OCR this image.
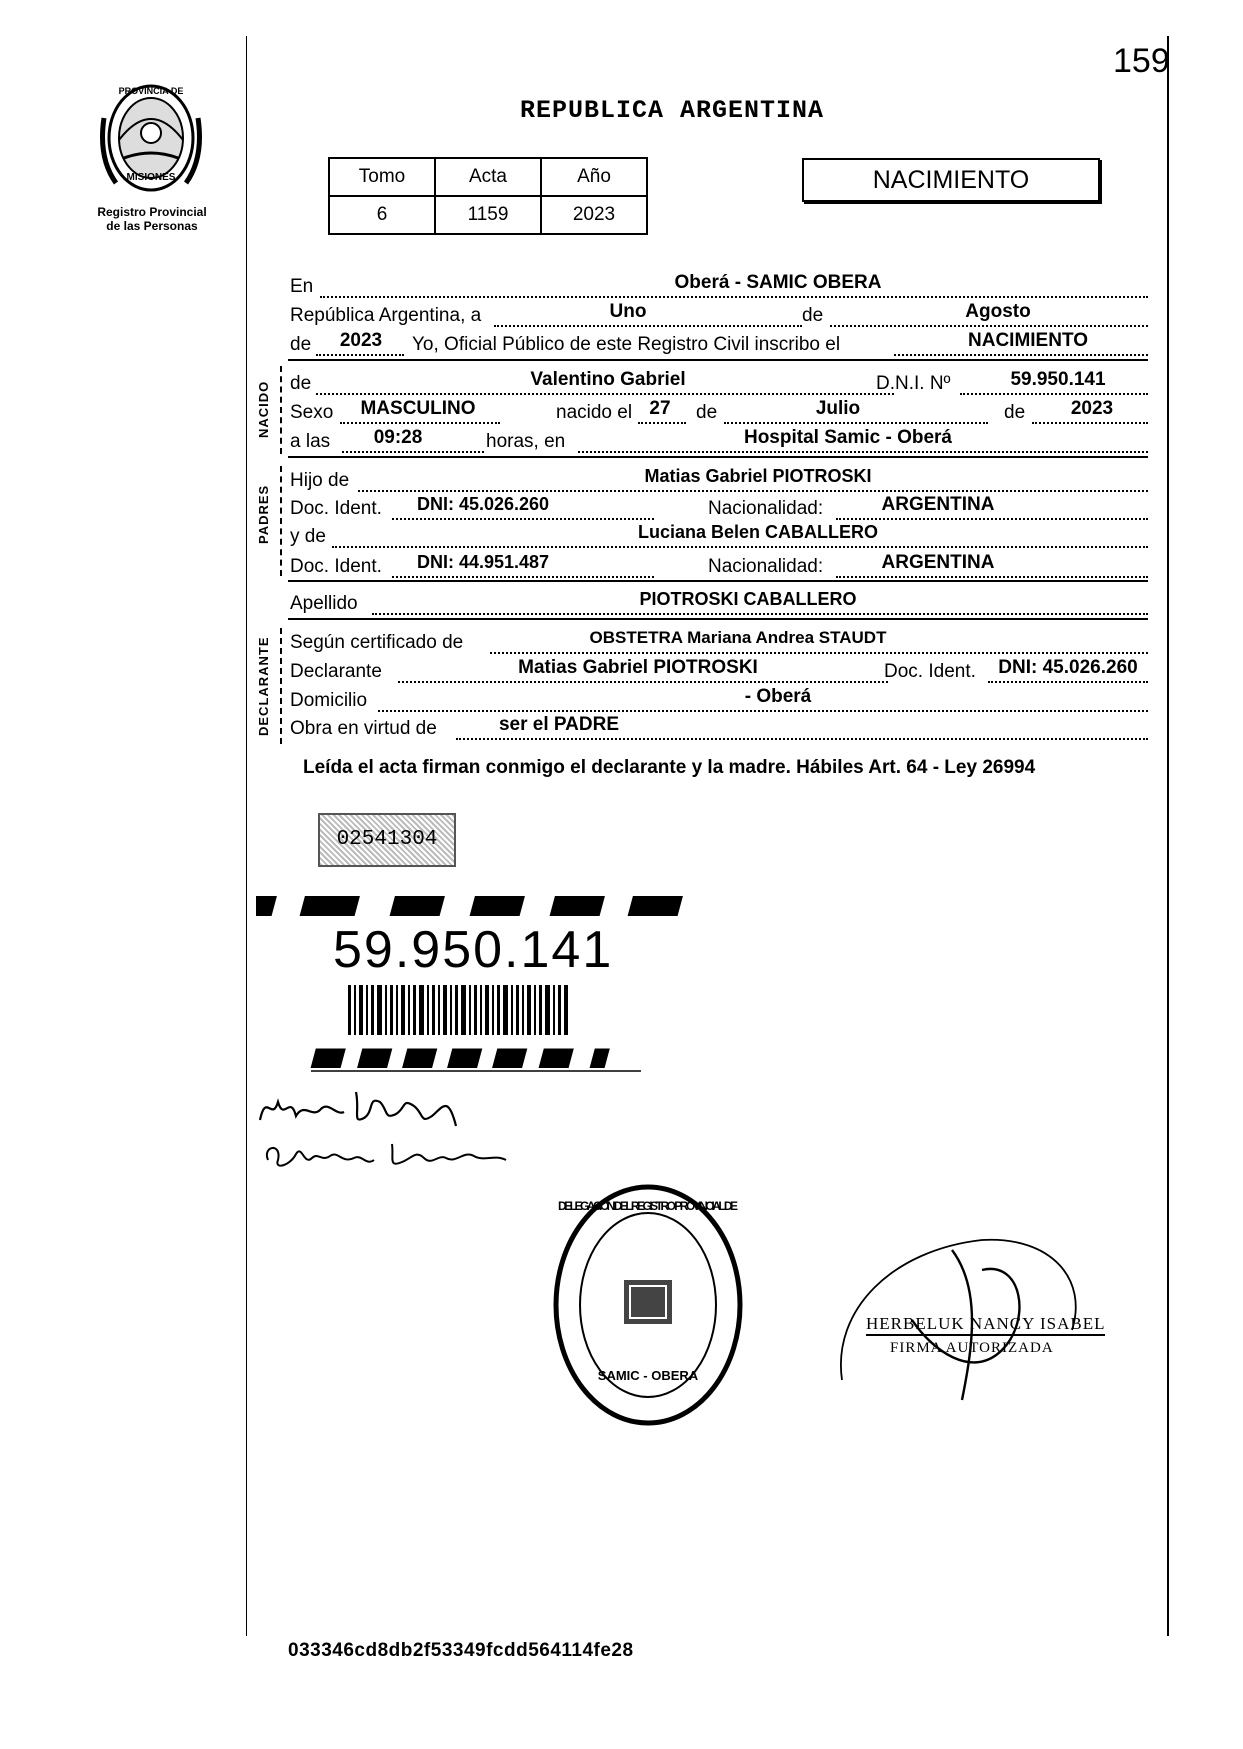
159
REPUBLICA ARGENTINA
PROVINCIA DE
MISIONES
Registro Provincial
de las Personas
Tomo	Acta	Año
6	1159	2023
NACIMIENTO
En	Oberá - SAMIC OBERA
República Argentina, a	Uno	de	Agosto
de	2023	Yo, Oficial Público de este Registro Civil inscribo el	NACIMIENTO
NACIDO de	Valentino Gabriel	D.N.I. Nº	59.950.141
Sexo	MASCULINO	nacido el 27	de	Julio	de	2023
a las	09:28	horas, en	Hospital Samic - Oberá
PADRES
Hijo de	Matias Gabriel PIOTROSKI
Doc. Ident.	DNI: 45.026.260	Nacionalidad:	ARGENTINA
y de	Luciana Belen CABALLERO
Doc. Ident.	DNI: 44.951.487	Nacionalidad:	ARGENTINA
Apellido	PIOTROSKI CABALLERO
DECLARANTE Según certificado de	OBSTETRA Mariana Andrea STAUDT
Declarante	Matias Gabriel PIOTROSKI	Doc. Ident.	DNI: 45.026.260
Domicilio	- Oberá
Obra en virtud de	ser el PADRE
Leída el acta firman conmigo el declarante y la madre. Hábiles Art. 64 - Ley 26994
02541304
59.950.141
DELEGACIÓN DEL REGISTRO PROVINCIAL DE
SAMIC - OBERA
HERBELUK NANCY ISABEL
FIRMA AUTORIZADA
033346cd8db2f53349fcdd564114fe28
